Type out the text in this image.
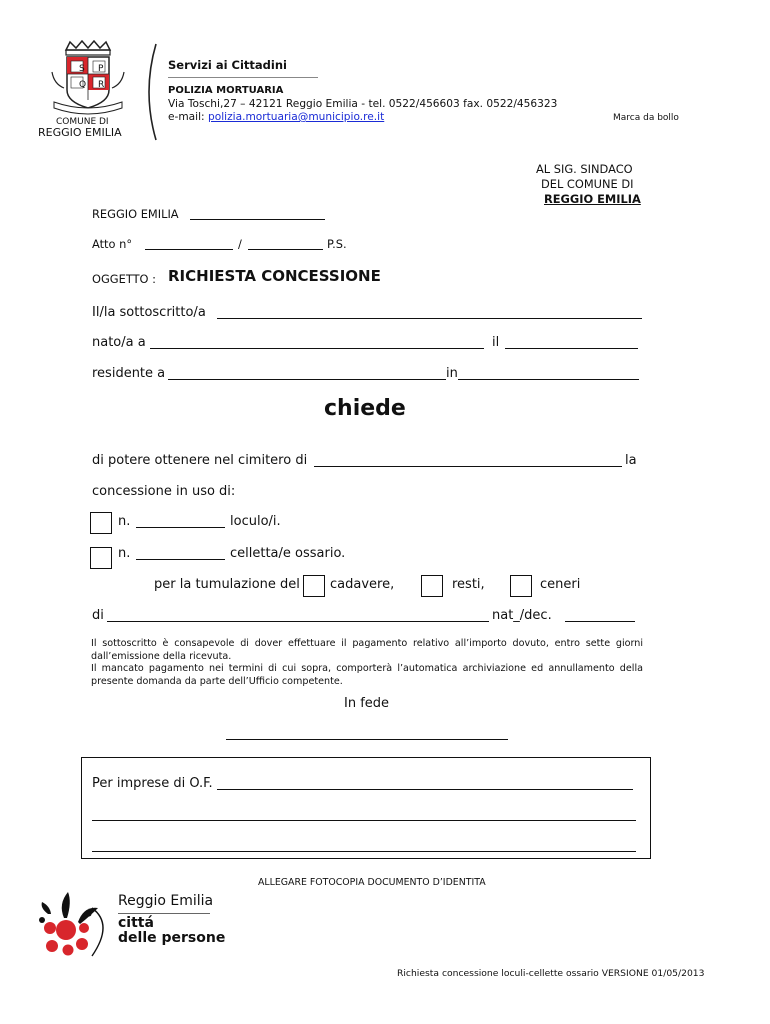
S P
Q R
COMUNE DI
REGGIO EMILIA
Servizi ai Cittadini
POLIZIA MORTUARIA
Via Toschi,27 – 42121 Reggio Emilia - tel. 0522/456603 fax. 0522/456323
e-mail: polizia.mortuaria@municipio.re.it	Marca da bollo
AL SIG. SINDACO
DEL COMUNE DI
REGGIO EMILIA
REGGIO EMILIA
Atto n°	/	P.S.
OGGETTO : RICHIESTA CONCESSIONE
Il/la sottoscritto/a
nato/a a	il
residente a	in
chiede
di potere ottenere nel cimitero di	la
concessione in uso di:
n.	loculo/i.
n.	celletta/e ossario.
per la tumulazione del cadavere,	resti,	ceneri
di	nat_/dec.
Il sottoscritto è consapevole di dover effettuare il pagamento relativo all’importo dovuto, entro sette giorni dall’emissione della ricevuta.
Il mancato pagamento nei termini di cui sopra, comporterà l’automatica archiviazione ed annullamento della presente domanda da parte dell’Ufficio competente.
In fede
Per imprese di O.F.
ALLEGARE FOTOCOPIA DOCUMENTO D’IDENTITA
Reggio Emilia
cittá
delle persone
Richiesta concessione loculi-cellette ossario VERSIONE 01/05/2013
